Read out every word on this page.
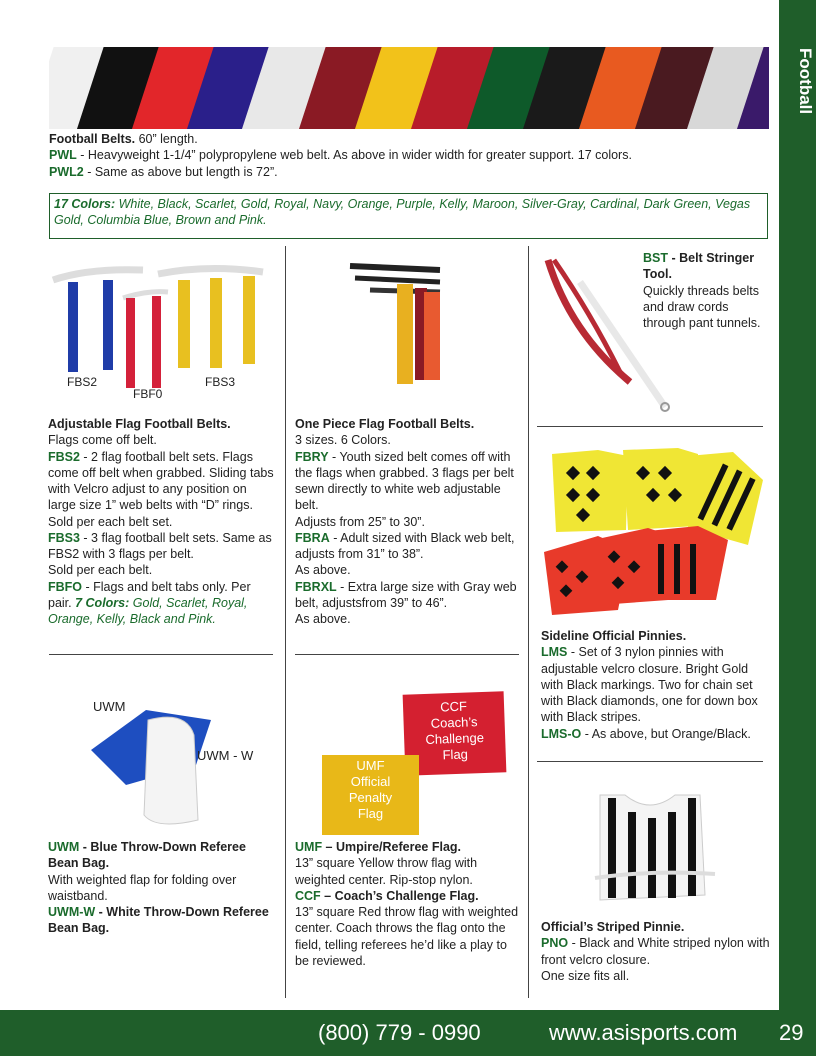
Football

Football Belts. 60” length.

PWL - Heavyweight 1-1/4” polypropylene web belt. As above in wider width for greater support. 17 colors.

PWL2 - Same as above but length is 72”.

17 Colors: White, Black, Scarlet, Gold, Royal, Navy, Orange, Purple, Kelly, Maroon, Silver-Gray, Cardinal, Dark Green, Vegas Gold, Columbia Blue, Brown and Pink.
FBS2
FBF0
FBS3

Adjustable Flag Football Belts.

Flags come off belt.

FBS2 - 2 flag football belt sets. Flags come off belt when grabbed. Sliding tabs with Velcro adjust to any position on large size 1” web belts with “D” rings. Sold per each belt set.

FBS3 - 3 flag football belt sets. Same as FBS2 with 3 flags per belt.

Sold per each belt.

FBFO - Flags and belt tabs only. Per pair. 7 Colors: Gold, Scarlet, Royal, Orange, Kelly, Black and Pink.

One Piece Flag Football Belts.

3 sizes. 6 Colors.

FBRY - Youth sized belt comes off with the flags when grabbed. 3 flags per belt sewn directly to white web adjustable belt.

Adjusts from 25” to 30”.

FBRA - Adult sized with Black web belt, adjusts from 31” to 38”.

As above.

FBRXL - Extra large size with Gray web belt, adjustsfrom 39” to 46”.

As above.

BST - Belt Stringer Tool.

Quickly threads belts and draw cords through pant tunnels.

Sideline Official Pinnies.

LMS - Set of 3 nylon pinnies with adjustable velcro closure. Bright Gold with Black markings. Two for chain set with Black diamonds, one for down box with Black stripes.

LMS-O - As above, but Orange/Black.

UWM
UWM - W

UWM - Blue Throw-Down Referee Bean Bag.

With weighted flap for folding over waistband.

UWM-W - White Throw-Down Referee Bean Bag.

CCF
Coach’s
Challenge
Flag
UMF
Official
Penalty
Flag

UMF – Umpire/Referee Flag.

13” square Yellow throw flag with weighted center. Rip-stop nylon.

CCF – Coach’s Challenge Flag.

13” square Red throw flag with weighted center. Coach throws the flag onto the field, telling referees he’d like a play to be reviewed.

Official’s Striped Pinnie.

PNO - Black and White striped nylon with front velcro closure.

One size fits all.

(800) 779 - 0990	www.asisports.com 29
